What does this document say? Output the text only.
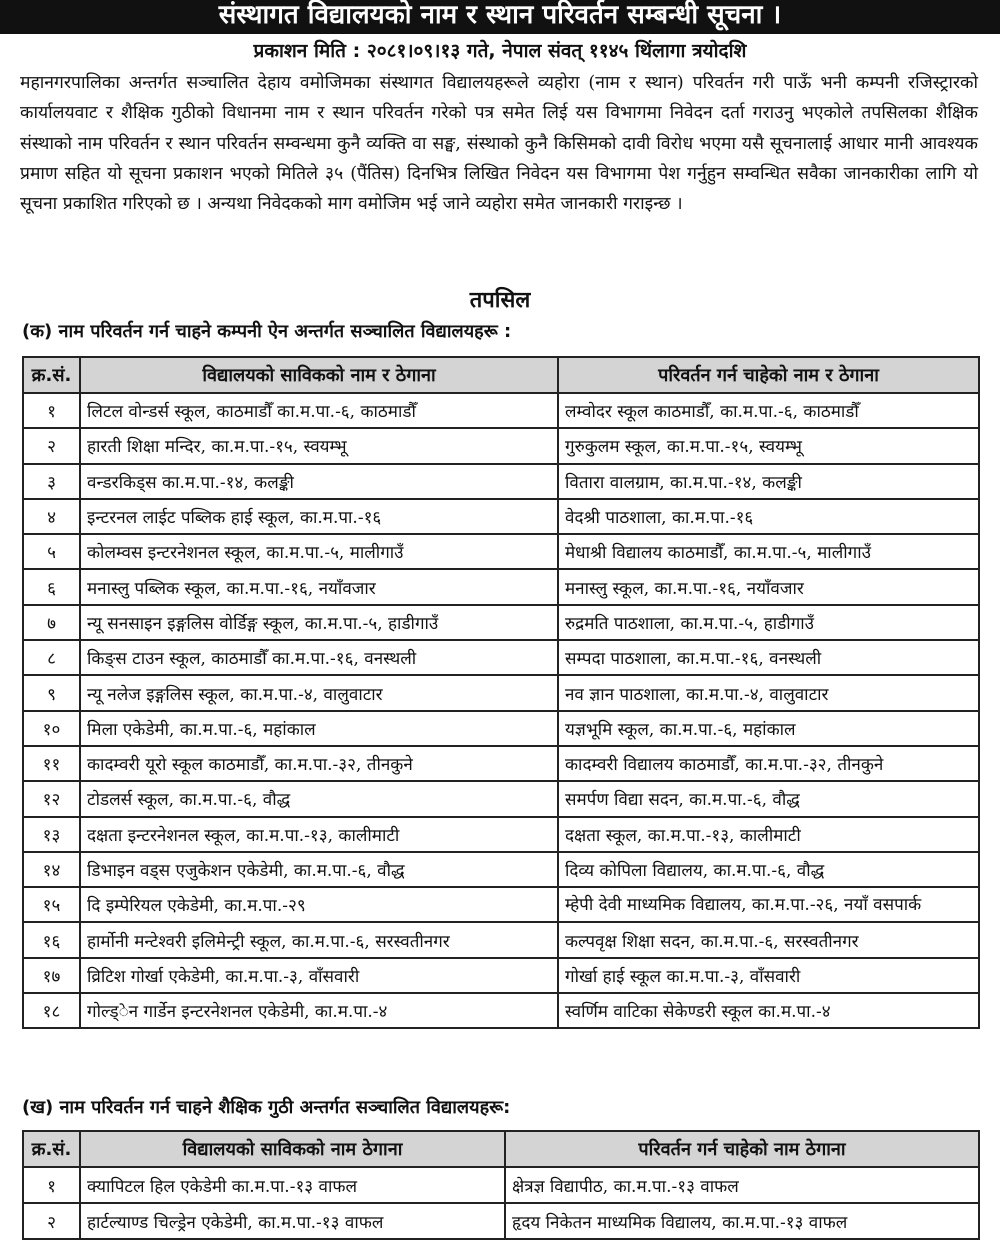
संस्थागत विद्यालयको नाम र स्थान परिवर्तन सम्बन्धी सूचना ।
प्रकाशन मिति : २०८१।०९।१३ गते, नेपाल संवत् ११४५ थिंलागा त्रयोदशि
महानगरपालिका अन्तर्गत सञ्चालित देहाय वमोजिमका संस्थागत विद्यालयहरूले व्यहोरा (नाम र स्थान) परिवर्तन गरी पाऊँ भनी कम्पनी रजिस्ट्रारको कार्यालयवाट र शैक्षिक गुठीको विधानमा नाम र स्थान परिवर्तन गरेको पत्र समेत लिई यस विभागमा निवेदन दर्ता गराउनु भएकोले तपसिलका शैक्षिक संस्थाको नाम परिवर्तन र स्थान परिवर्तन सम्वन्धमा कुनै व्यक्ति वा सङ्घ, संस्थाको कुनै किसिमको दावी विरोध भएमा यसै सूचनालाई आधार मानी आवश्यक प्रमाण सहित यो सूचना प्रकाशन भएको मितिले ३५ (पैंतिस) दिनभित्र लिखित निवेदन यस विभागमा पेश गर्नुहुन सम्वन्धित सवैका जानकारीका लागि यो सूचना प्रकाशित गरिएको छ । अन्यथा निवेदकको माग वमोजिम भई जाने व्यहोरा समेत जानकारी गराइन्छ ।
तपसिल
(क) नाम परिवर्तन गर्न चाहने कम्पनी ऐन अन्तर्गत सञ्चालित विद्यालयहरू :
क्र.सं.	विद्यालयको साविकको नाम र ठेगाना	परिवर्तन गर्न चाहेको नाम र ठेगाना
१	लिटल वोन्डर्स स्कूल, काठमाडौँ का.म.पा.-६, काठमाडौँ	लम्वोदर स्कूल काठमाडौँ, का.म.पा.-६, काठमाडौँ
२	हारती शिक्षा मन्दिर, का.म.पा.-१५, स्वयम्भू	गुरुकुलम स्कूल, का.म.पा.-१५, स्वयम्भू
३	वन्डरकिड्स का.म.पा.-१४, कलङ्की	वितारा वालग्राम, का.म.पा.-१४, कलङ्की
४	इन्टरनल लाईट पब्लिक हाई स्कूल, का.म.पा.-१६	वेदश्री पाठशाला, का.म.पा.-१६
५	कोलम्वस इन्टरनेशनल स्कूल, का.म.पा.-५, मालीगाउँ	मेधाश्री विद्यालय काठमाडौँ, का.म.पा.-५, मालीगाउँ
६	मनास्लु पब्लिक स्कूल, का.म.पा.-१६, नयाँवजार	मनास्लु स्कूल, का.म.पा.-१६, नयाँवजार
७	न्यू सनसाइन इङ्गलिस वोर्डिङ्ग स्कूल, का.म.पा.-५, हाडीगाउँ	रुद्रमति पाठशाला, का.म.पा.-५, हाडीगाउँ
८	किङ्स टाउन स्कूल, काठमाडौँ का.म.पा.-१६, वनस्थली	सम्पदा पाठशाला, का.म.पा.-१६, वनस्थली
९	न्यू नलेज इङ्गलिस स्कूल, का.म.पा.-४, वालुवाटार	नव ज्ञान पाठशाला, का.म.पा.-४, वालुवाटार
१०	मिला एकेडेमी, का.म.पा.-६, महांकाल	यज्ञभूमि स्कूल, का.म.पा.-६, महांकाल
११	कादम्वरी यूरो स्कूल काठमाडौँ, का.म.पा.-३२, तीनकुने	कादम्वरी विद्यालय काठमाडौँ, का.म.पा.-३२, तीनकुने
१२	टोडलर्स स्कूल, का.म.पा.-६, वौद्ध	समर्पण विद्या सदन, का.म.पा.-६, वौद्ध
१३	दक्षता इन्टरनेशनल स्कूल, का.म.पा.-१३, कालीमाटी	दक्षता स्कूल, का.म.पा.-१३, कालीमाटी
१४	डिभाइन वड्स एजुकेशन एकेडेमी, का.म.पा.-६, वौद्ध	दिव्य कोपिला विद्यालय, का.म.पा.-६, वौद्ध
१५	दि इम्पेरियल एकेडेमी, का.म.पा.-२९	म्हेपी देवी माध्यमिक विद्यालय, का.म.पा.-२६, नयाँ वसपार्क
१६	हार्मोनी मन्टेश्वरी इलिमेन्ट्री स्कूल, का.म.पा.-६, सरस्वतीनगर	कल्पवृक्ष शिक्षा सदन, का.म.पा.-६, सरस्वतीनगर
१७	व्रिटिश गोर्खा एकेडेमी, का.म.पा.-३, वाँसवारी	गोर्खा हाई स्कूल का.म.पा.-३, वाँसवारी
१८	गोल्ड्ेन गार्डेन इन्टरनेशनल एकेडेमी, का.म.पा.-४	स्वर्णिम वाटिका सेकेण्डरी स्कूल का.म.पा.-४
(ख) नाम परिवर्तन गर्न चाहने शैक्षिक गुठी अन्तर्गत सञ्चालित विद्यालयहरू:
क्र.सं.	विद्यालयको साविकको नाम ठेगाना	परिवर्तन गर्न चाहेको नाम ठेगाना
१	क्यापिटल हिल एकेडेमी का.म.पा.-१३ वाफल	क्षेत्रज्ञ विद्यापीठ, का.म.पा.-१३ वाफल
२	हार्टल्याण्ड चिल्ड्रेन एकेडेमी, का.म.पा.-१३ वाफल	हृदय निकेतन माध्यमिक विद्यालय, का.म.पा.-१३ वाफल
